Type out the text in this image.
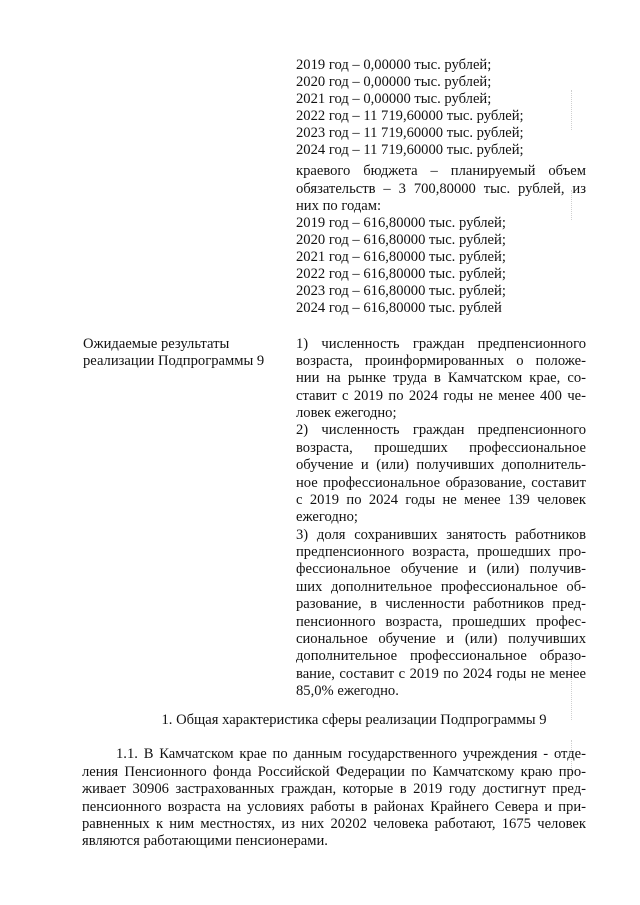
2019 год – 0,00000 тыс. рублей;
2020 год – 0,00000 тыс. рублей;
2021 год – 0,00000 тыс. рублей;
2022 год – 11 719,60000 тыс. рублей;
2023 год – 11 719,60000 тыс. рублей;
2024 год – 11 719,60000 тыс. рублей;
краевого бюджета – планируемый объем
обязательств – 3 700,80000 тыс. рублей, из
них по годам:
2019 год – 616,80000 тыс. рублей;
2020 год – 616,80000 тыс. рублей;
2021 год – 616,80000 тыс. рублей;
2022 год – 616,80000 тыс. рублей;
2023 год – 616,80000 тыс. рублей;
2024 год – 616,80000 тыс. рублей
Ожидаемые результаты
реализации Подпрограммы 9
1) численность граждан предпенсионного
возраста, проинформированных о положе-
нии на рынке труда в Камчатском крае, со-
ставит с 2019 по 2024 годы не менее 400 че-
ловек ежегодно;
2) численность граждан предпенсионного
возраста, прошедших профессиональное
обучение и (или) получивших дополнитель-
ное профессиональное образование, составит
с 2019 по 2024 годы не менее 139 человек
ежегодно;
3) доля сохранивших занятость работников
предпенсионного возраста, прошедших про-
фессиональное обучение и (или) получив-
ших дополнительное профессиональное об-
разование, в численности работников пред-
пенсионного возраста, прошедших профес-
сиональное обучение и (или) получивших
дополнительное профессиональное образо-
вание, составит с 2019 по 2024 годы не менее
85,0% ежегодно.
1. Общая характеристика сферы реализации Подпрограммы 9
1.1. В Камчатском крае по данным государственного учреждения - отде-
ления Пенсионного фонда Российской Федерации по Камчатскому краю про-
живает 30906 застрахованных граждан, которые в 2019 году достигнут пред-
пенсионного возраста на условиях работы в районах Крайнего Севера и при-
равненных к ним местностях, из них 20202 человека работают, 1675 человек
являются работающими пенсионерами.
